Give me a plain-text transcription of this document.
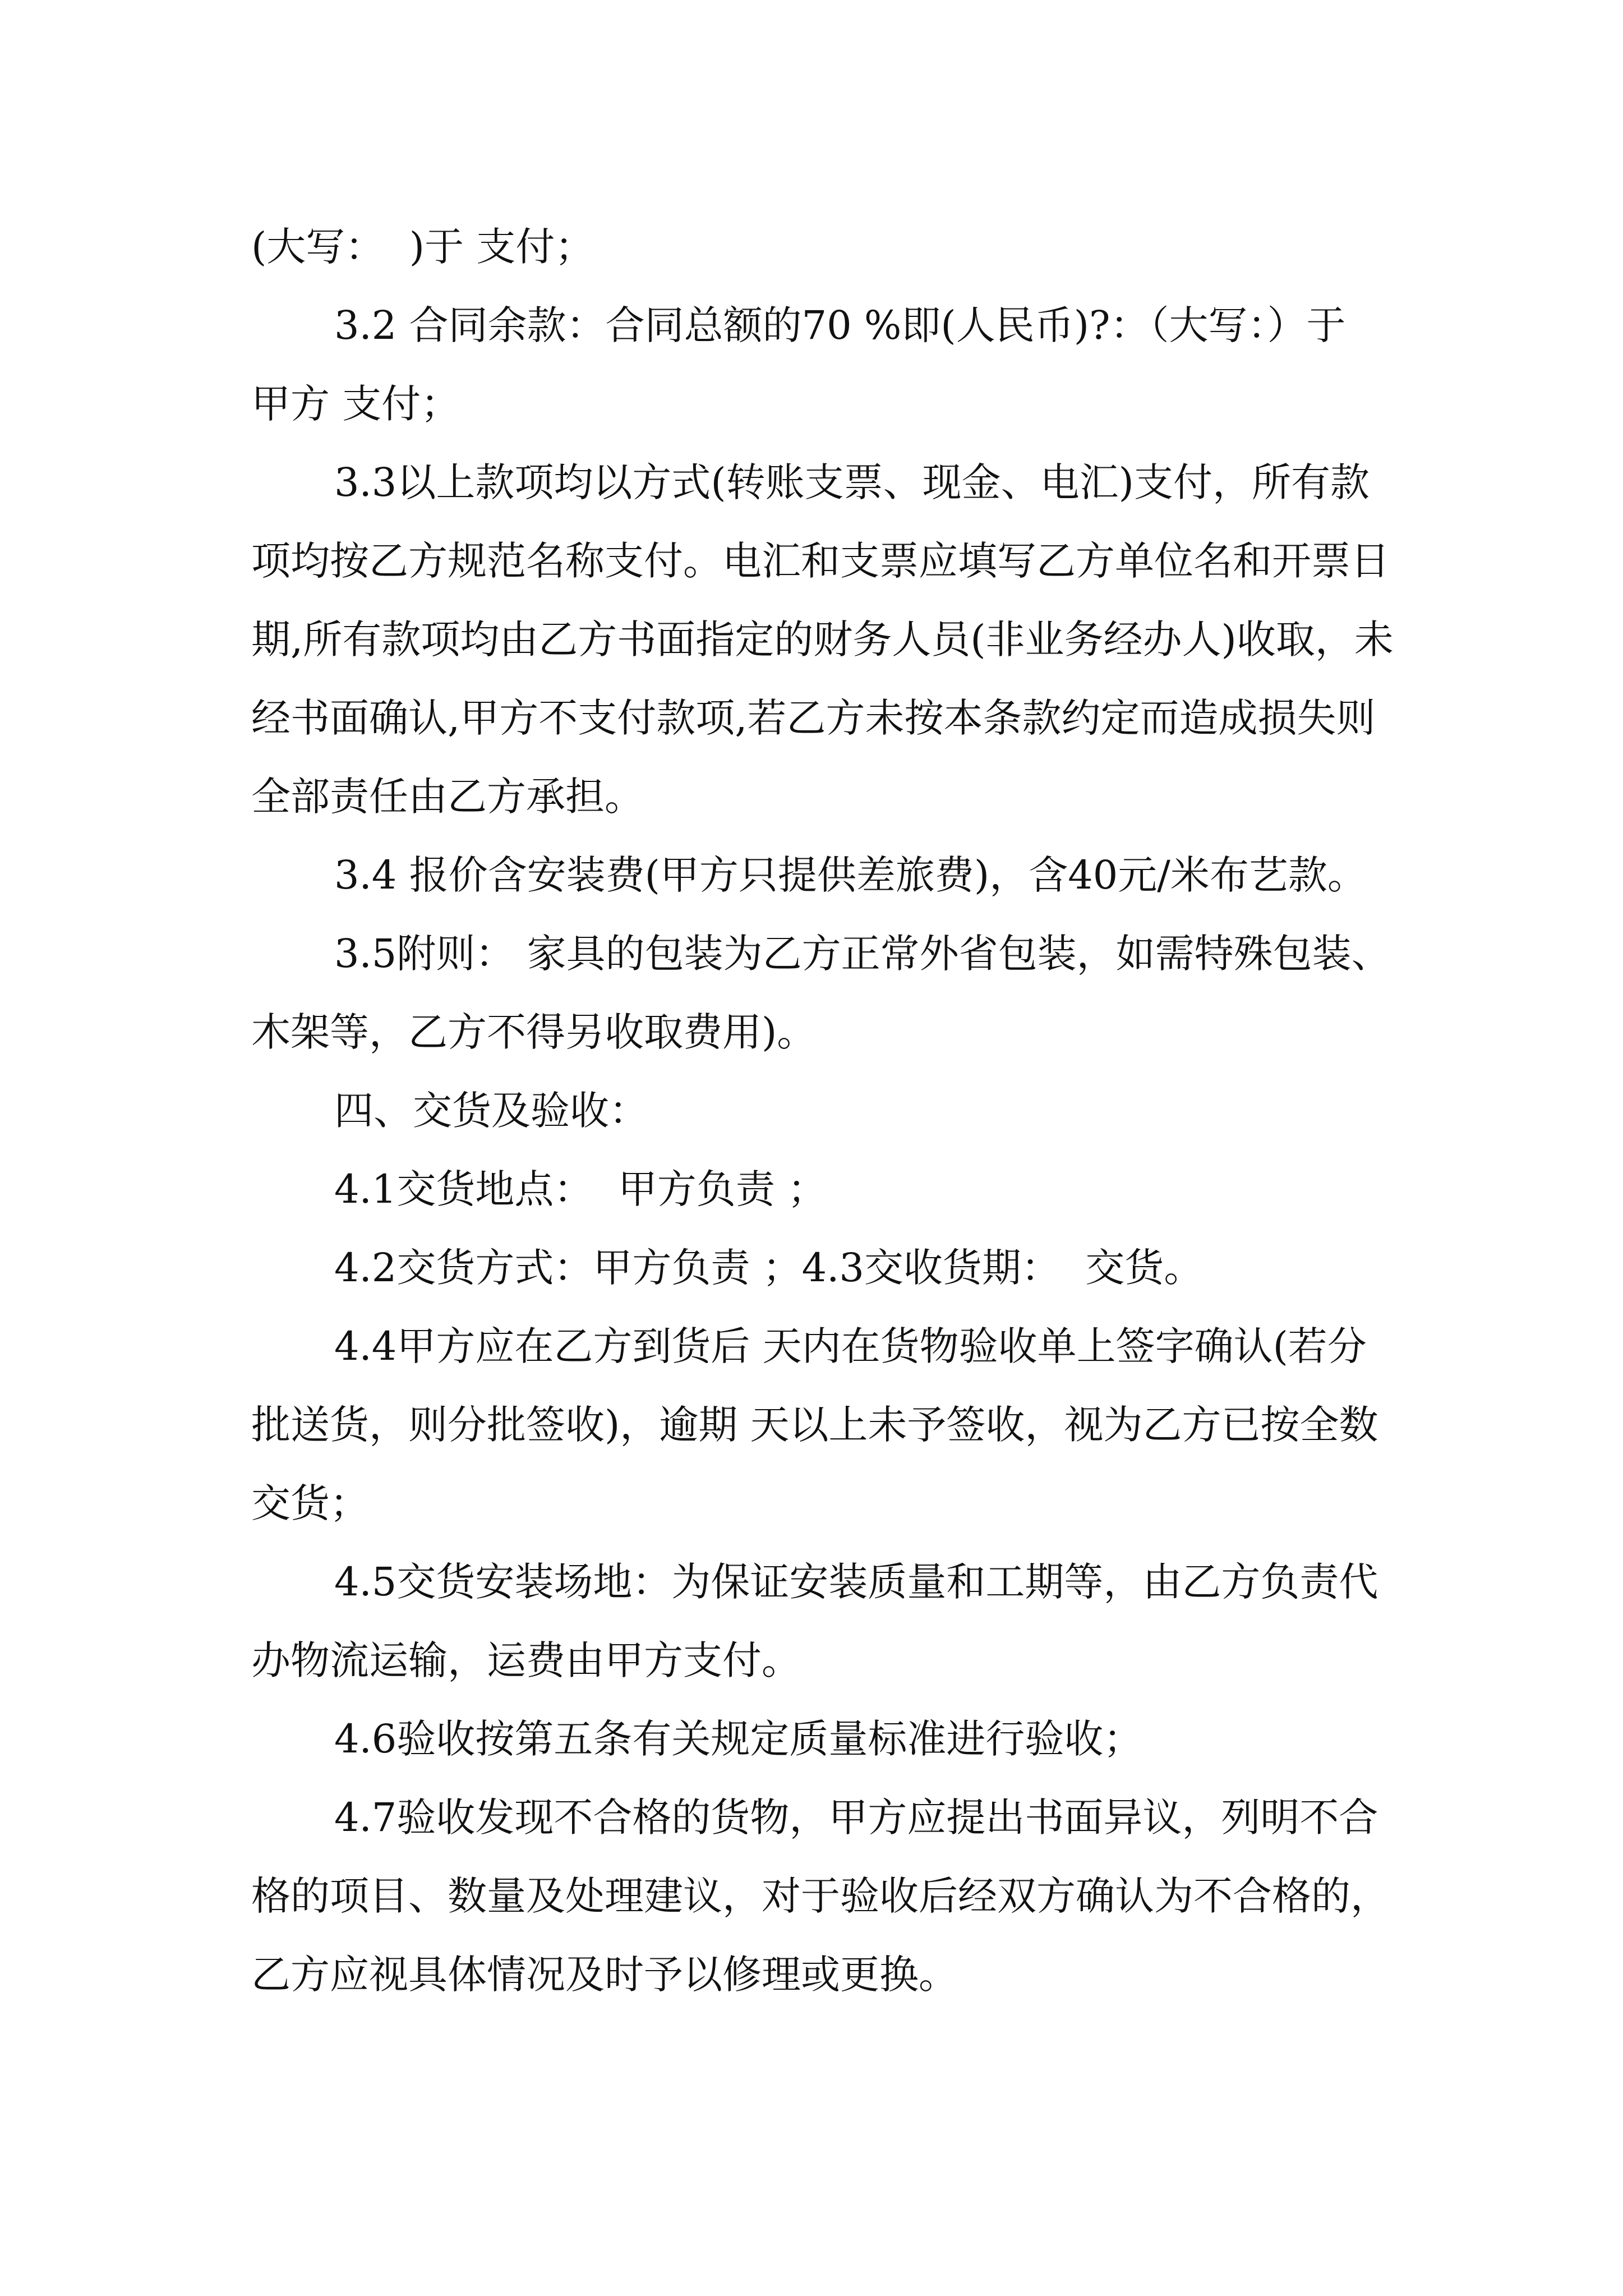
(大写：  )于 支付；

3.2 合同余款：合同总额的70 %即(人民币)?：（大写：）于 甲方 支付；

3.3以上款项均以方式(转账支票、现金、电汇)支付，所有款项均按乙方规范名称支付。电汇和支票应填写乙方单位名和开票日期,所有款项均由乙方书面指定的财务人员(非业务经办人)收取，未经书面确认,甲方不支付款项,若乙方未按本条款约定而造成损失则全部责任由乙方承担。

3.4 报价含安装费(甲方只提供差旅费)，含40元/米布艺款。

3.5附则： 家具的包装为乙方正常外省包装，如需特殊包装、木架等，乙方不得另收取费用)。

四、交货及验收：

4.1交货地点：  甲方负责 ；

4.2交货方式：甲方负责 ；4.3交收货期：  交货。

4.4甲方应在乙方到货后 天内在货物验收单上签字确认(若分批送货，则分批签收)，逾期 天以上未予签收，视为乙方已按全数交货；

4.5交货安装场地：为保证安装质量和工期等，由乙方负责代办物流运输，运费由甲方支付。

4.6验收按第五条有关规定质量标准进行验收；

4.7验收发现不合格的货物，甲方应提出书面异议，列明不合格的项目、数量及处理建议，对于验收后经双方确认为不合格的，乙方应视具体情况及时予以修理或更换。
